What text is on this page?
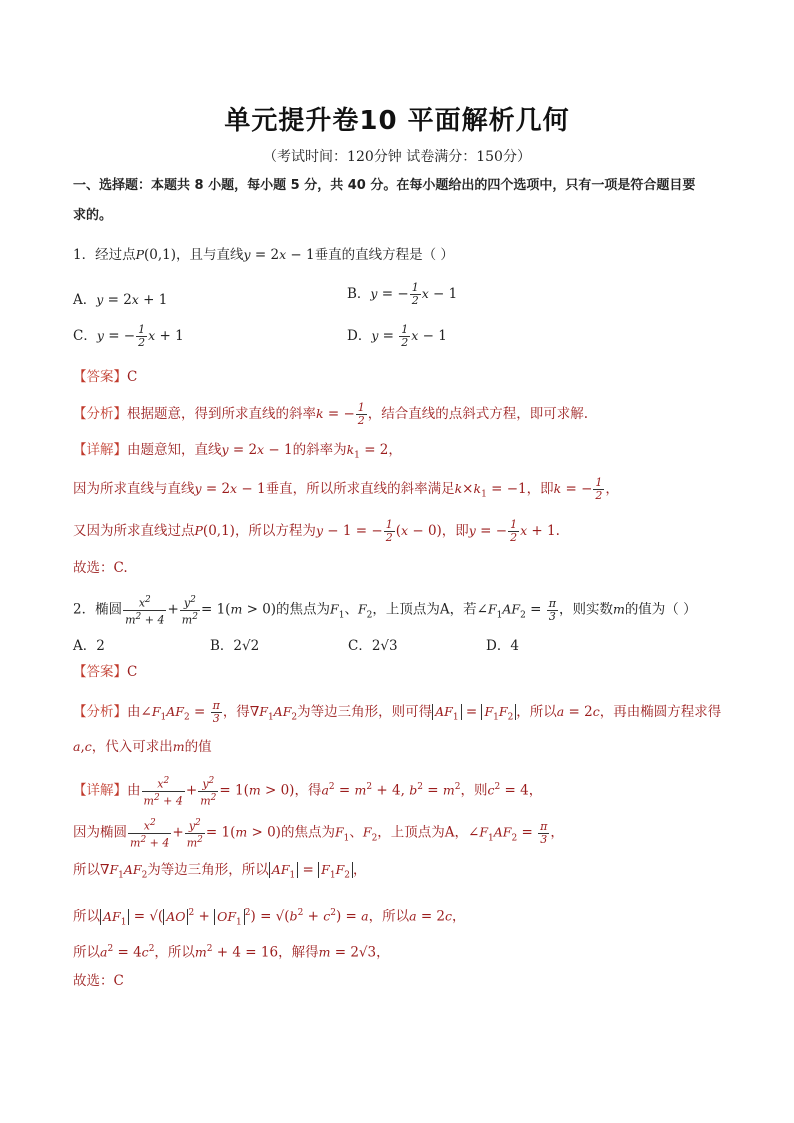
单元提升卷10 平面解析几何
（考试时间：120分钟 试卷满分：150分）
一、选择题：本题共 8 小题，每小题 5 分，共 40 分。在每小题给出的四个选项中，只有一项是符合题目要
求的。
1．经过点P(0,1)，且与直线y = 2x − 1垂直的直线方程是（ ）
A．y = 2x + 1	B．y = − $\frac{1}{2}$ x − 1
C．y = − $\frac{1}{2}$ x + 1	D．$y = \frac{1}{2}$ x − 1
【答案】C
【分析】根据题意，得到所求直线的斜率k = − $\frac{1}{2}$ ，结合直线的点斜式方程，即可求解.
【详解】由题意知，直线y = 2x − 1的斜率为$k_1 = 2$，
因为所求直线与直线y = 2x − 1垂直，所以所求直线的斜率满足$k\times k_1 = -1$，即k = − $\frac{1}{2}$ ，
又因为所求直线过点P(0,1)，所以方程为y − 1 = − $\frac{1}{2} (x - 0)$，即y = − $\frac{1}{2}$ x + 1.
故选：C.
2．椭圆 $\frac{x^2}{m^2 + 4} + \frac{y^2}{m^2} = 1(m > 0)$的焦点为$F_1$、$F_2$，上顶点为A，若$\angle F_1AF_2 = \frac{\pi}{3}$ ，则实数m的值为（ ）
A．2	B．2√2	C．2√3	D．4
【答案】C
【分析】由$\angle F_1AF_2 = \frac{\pi}{3}$ ，得$\nabla F_1AF_2$为等边三角形，则可得 $AF_1 = F_1F_2$ ，所以a = 2c，再由椭圆方程求得
a,c，代入可求出m的值
【详解】由 $\frac{x^2}{m^2 + 4} + \frac{y^2}{m^2} = 1(m > 0)$，得$a^2 = m^2 + 4$, $b^2 = m^2$，则$c^2 = 4$，
因为椭圆 $\frac{x^2}{m^2 + 4} + \frac{y^2}{m^2} = 1(m > 0)$的焦点为$F_1$、$F_2$，上顶点为A，$\angle F_1AF_2 = \frac{\pi}{3}$ ，
所以$\nabla F_1AF_2$为等边三角形，所以 $AF_1 = F_1F_2$ ，
所以 $AF_1$ = √( AO $^2 + OF_1^2) = √(b^2 + c^2) = a$，所以a = 2c，
所以$a^2 = 4c^2$，所以$m^2 + 4 = 16$，解得m = 2√3，
故选：C
